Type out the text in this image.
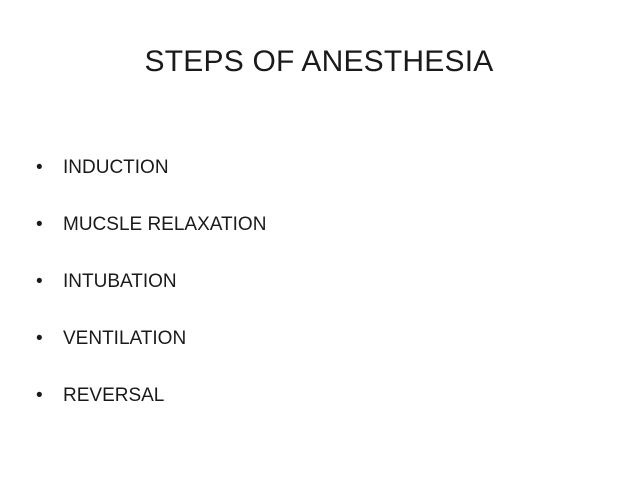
STEPS OF ANESTHESIA
•	INDUCTION
•	MUCSLE RELAXATION
•	INTUBATION
•	VENTILATION
•	REVERSAL
